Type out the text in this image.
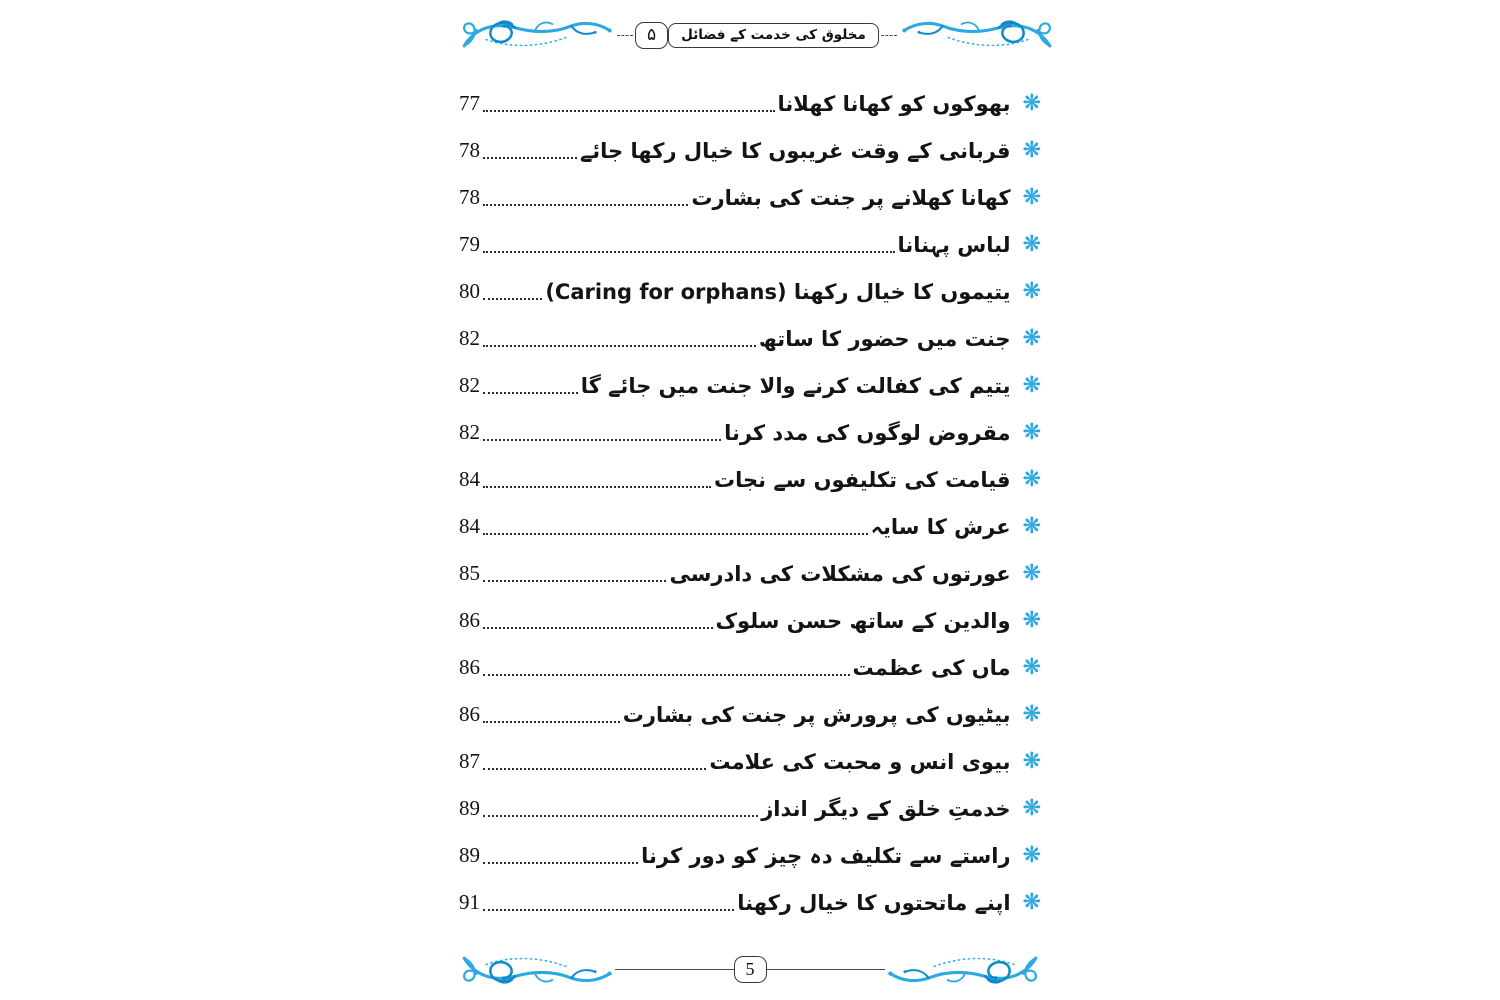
۵	مخلوق کی خدمت کے فضائل
❋
بھوکوں کو کھانا کھلانا
77
❋
قربانی کے وقت غریبوں کا خیال رکھا جائے
78
❋
کھانا کھلانے پر جنت کی بشارت
78
❋
لباس پہنانا
79
❋
یتیموں کا خیال رکھنا (Caring for orphans)
80
❋
جنت میں حضور کا ساتھ
82
❋
یتیم کی کفالت کرنے والا جنت میں جائے گا
82
❋
مقروض لوگوں کی مدد کرنا
82
❋
قیامت کی تکلیفوں سے نجات
84
❋
عرش کا سایہ
84
❋
عورتوں کی مشکلات کی دادرسی
85
❋
والدین کے ساتھ حسن سلوک
86
❋
ماں کی عظمت
86
❋
بیٹیوں کی پرورش پر جنت کی بشارت
86
❋
بیوی انس و محبت کی علامت
87
❋
خدمتِ خلق کے دیگر انداز
89
❋
راستے سے تکلیف دہ چیز کو دور کرنا
89
❋
اپنے ماتحتوں کا خیال رکھنا
91
5
